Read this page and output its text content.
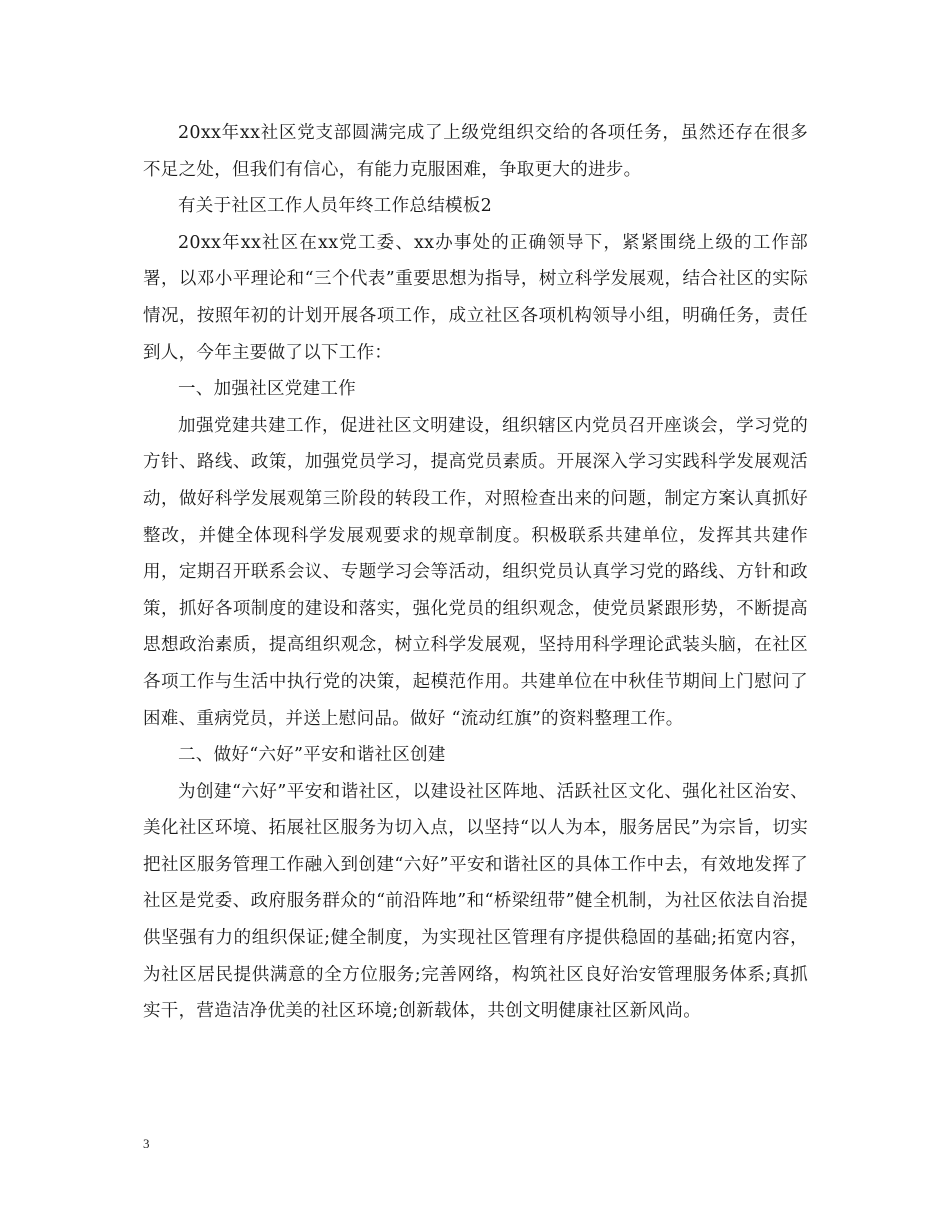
20xx年xx社区党支部圆满完成了上级党组织交给的各项任务，虽然还存在很多不足之处，但我们有信心，有能力克服困难，争取更大的进步。

有关于社区工作人员年终工作总结模板2

20xx年xx社区在xx党工委、xx办事处的正确领导下，紧紧围绕上级的工作部署，以邓小平理论和“三个代表”重要思想为指导，树立科学发展观，结合社区的实际情况，按照年初的计划开展各项工作，成立社区各项机构领导小组，明确任务，责任到人，今年主要做了以下工作：

一、加强社区党建工作

加强党建共建工作，促进社区文明建设，组织辖区内党员召开座谈会，学习党的方针、路线、政策，加强党员学习，提高党员素质。开展深入学习实践科学发展观活动，做好科学发展观第三阶段的转段工作，对照检查出来的问题，制定方案认真抓好整改，并健全体现科学发展观要求的规章制度。积极联系共建单位，发挥其共建作用，定期召开联系会议、专题学习会等活动，组织党员认真学习党的路线、方针和政策，抓好各项制度的建设和落实，强化党员的组织观念，使党员紧跟形势，不断提高思想政治素质，提高组织观念，树立科学发展观，坚持用科学理论武装头脑，在社区各项工作与生活中执行党的决策，起模范作用。共建单位在中秋佳节期间上门慰问了困难、重病党员，并送上慰问品。做好 “流动红旗”的资料整理工作。

二、做好“六好”平安和谐社区创建

为创建“六好”平安和谐社区，以建设社区阵地、活跃社区文化、强化社区治安、美化社区环境、拓展社区服务为切入点，以坚持“以人为本，服务居民”为宗旨，切实把社区服务管理工作融入到创建“六好”平安和谐社区的具体工作中去，有效地发挥了社区是党委、政府服务群众的“前沿阵地”和“桥梁纽带”健全机制，为社区依法自治提供坚强有力的组织保证;健全制度，为实现社区管理有序提供稳固的基础;拓宽内容，为社区居民提供满意的全方位服务;完善网络，构筑社区良好治安管理服务体系;真抓实干，营造洁净优美的社区环境;创新载体，共创文明健康社区新风尚。

3
